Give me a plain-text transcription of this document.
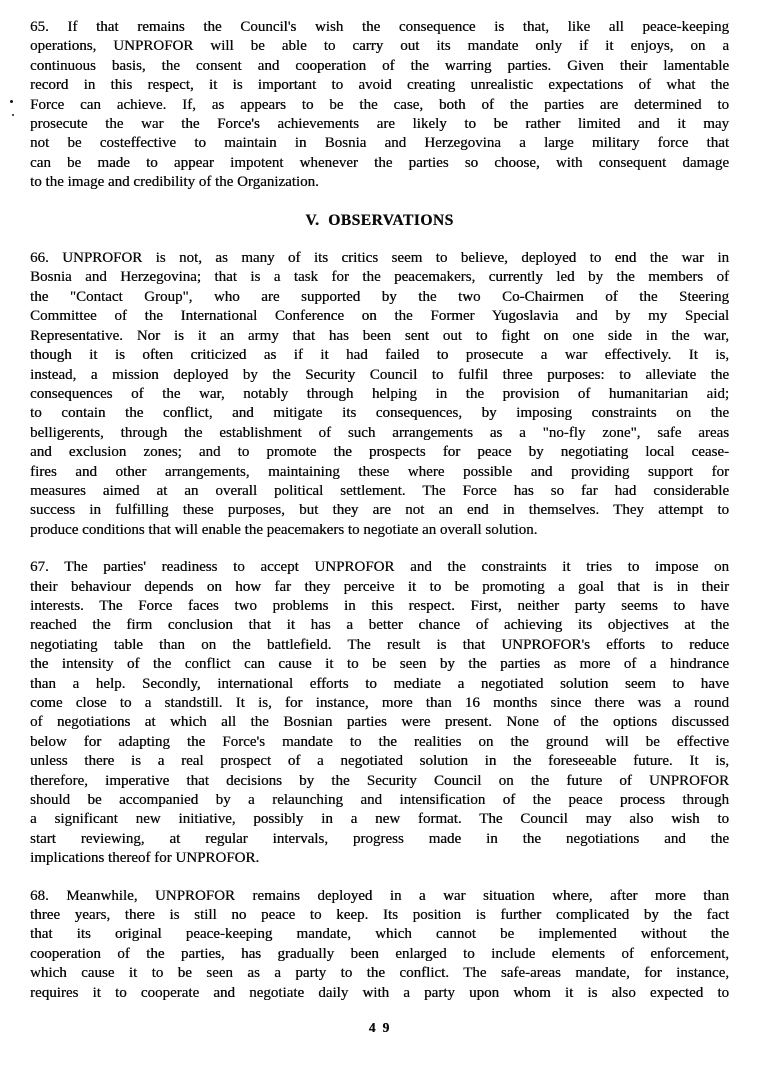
65. If that remains the Council's wish the consequence is that, like all peace-keeping
operations, UNPROFOR will be able to carry out its mandate only if it enjoys, on a
continuous basis, the consent and cooperation of the warring parties. Given their lamentable
record in this respect, it is important to avoid creating unrealistic expectations of what the
Force can achieve. If, as appears to be the case, both of the parties are determined to
prosecute the war the Force's achievements are likely to be rather limited and it may
not be costeffective to maintain in Bosnia and Herzegovina a large military force that
can be made to appear impotent whenever the parties so choose, with consequent damage
to the image and credibility of the Organization.
V.  OBSERVATIONS
66. UNPROFOR is not, as many of its critics seem to believe, deployed to end the war in
Bosnia and Herzegovina; that is a task for the peacemakers, currently led by the members of
the "Contact Group", who are supported by the two Co-Chairmen of the Steering
Committee of the International Conference on the Former Yugoslavia and by my Special
Representative. Nor is it an army that has been sent out to fight on one side in the war,
though it is often criticized as if it had failed to prosecute a war effectively. It is,
instead, a mission deployed by the Security Council to fulfil three purposes: to alleviate the
consequences of the war, notably through helping in the provision of humanitarian aid;
to contain the conflict, and mitigate its consequences, by imposing constraints on the
belligerents, through the establishment of such arrangements as a "no-fly zone", safe areas
and exclusion zones; and to promote the prospects for peace by negotiating local cease-
fires and other arrangements, maintaining these where possible and providing support for
measures aimed at an overall political settlement. The Force has so far had considerable
success in fulfilling these purposes, but they are not an end in themselves. They attempt to
produce conditions that will enable the peacemakers to negotiate an overall solution.
67. The parties' readiness to accept UNPROFOR and the constraints it tries to impose on
their behaviour depends on how far they perceive it to be promoting a goal that is in their
interests. The Force faces two problems in this respect. First, neither party seems to have
reached the firm conclusion that it has a better chance of achieving its objectives at the
negotiating table than on the battlefield. The result is that UNPROFOR's efforts to reduce
the intensity of the conflict can cause it to be seen by the parties as more of a hindrance
than a help. Secondly, international efforts to mediate a negotiated solution seem to have
come close to a standstill. It is, for instance, more than 16 months since there was a round
of negotiations at which all the Bosnian parties were present. None of the options discussed
below for adapting the Force's mandate to the realities on the ground will be effective
unless there is a real prospect of a negotiated solution in the foreseeable future. It is,
therefore, imperative that decisions by the Security Council on the future of UNPROFOR
should be accompanied by a relaunching and intensification of the peace process through
a significant new initiative, possibly in a new format. The Council may also wish to
start reviewing, at regular intervals, progress made in the negotiations and the
implications thereof for UNPROFOR.
68. Meanwhile, UNPROFOR remains deployed in a war situation where, after more than
three years, there is still no peace to keep. Its position is further complicated by the fact
that its original peace-keeping mandate, which cannot be implemented without the
cooperation of the parties, has gradually been enlarged to include elements of enforcement,
which cause it to be seen as a party to the conflict. The safe-areas mandate, for instance,
requires it to cooperate and negotiate daily with a party upon whom it is also expected to
49
